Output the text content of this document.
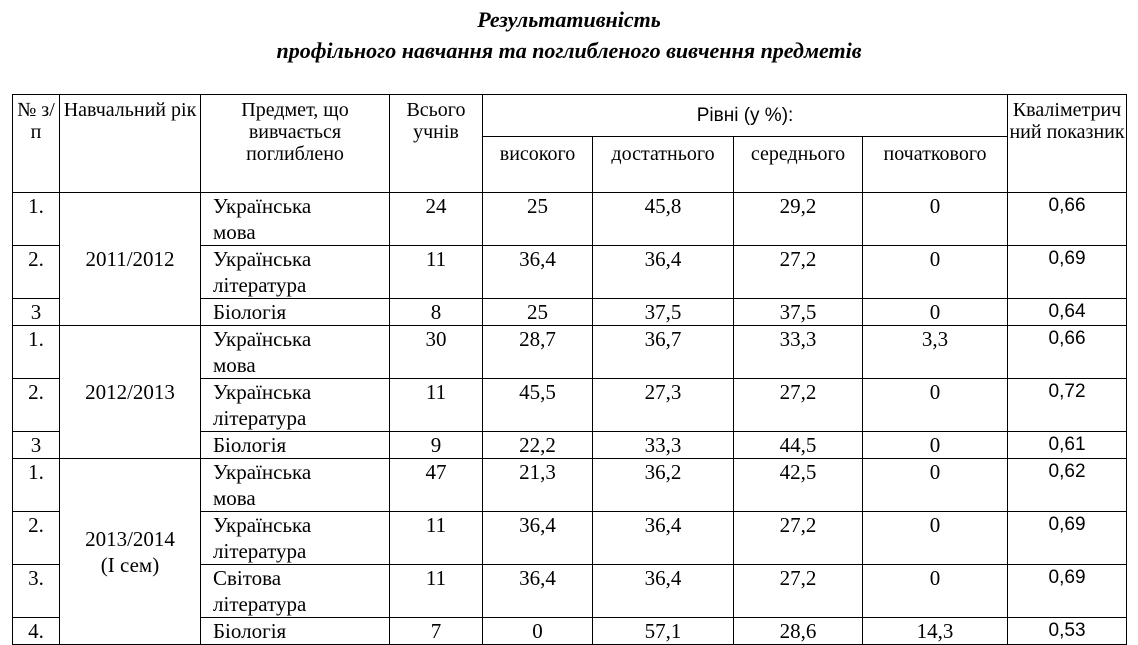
Результативність
профільного навчання та поглибленого вивчення предметів
№ з/п	Навчальний рік	Предмет, що вивчається поглиблено	Всього учнів	Рівні (у %):				Кваліметричний показник
				високого	достатнього	середнього	початкового	
1.	2011/2012	Українська мова	24	25	45,8	29,2	0	0,66
2.		Українська література	11	36,4	36,4	27,2	0	0,69
3		Біологія	8	25	37,5	37,5	0	0,64
1.	2012/2013	Українська мова	30	28,7	36,7	33,3	3,3	0,66
2.		Українська література	11	45,5	27,3	27,2	0	0,72
3		Біологія	9	22,2	33,3	44,5	0	0,61
1.	2013/2014 (І сем)	Українська мова	47	21,3	36,2	42,5	0	0,62
2.		Українська література	11	36,4	36,4	27,2	0	0,69
3.		Світова література	11	36,4	36,4	27,2	0	0,69
4.		Біологія	7	0	57,1	28,6	14,3	0,53
